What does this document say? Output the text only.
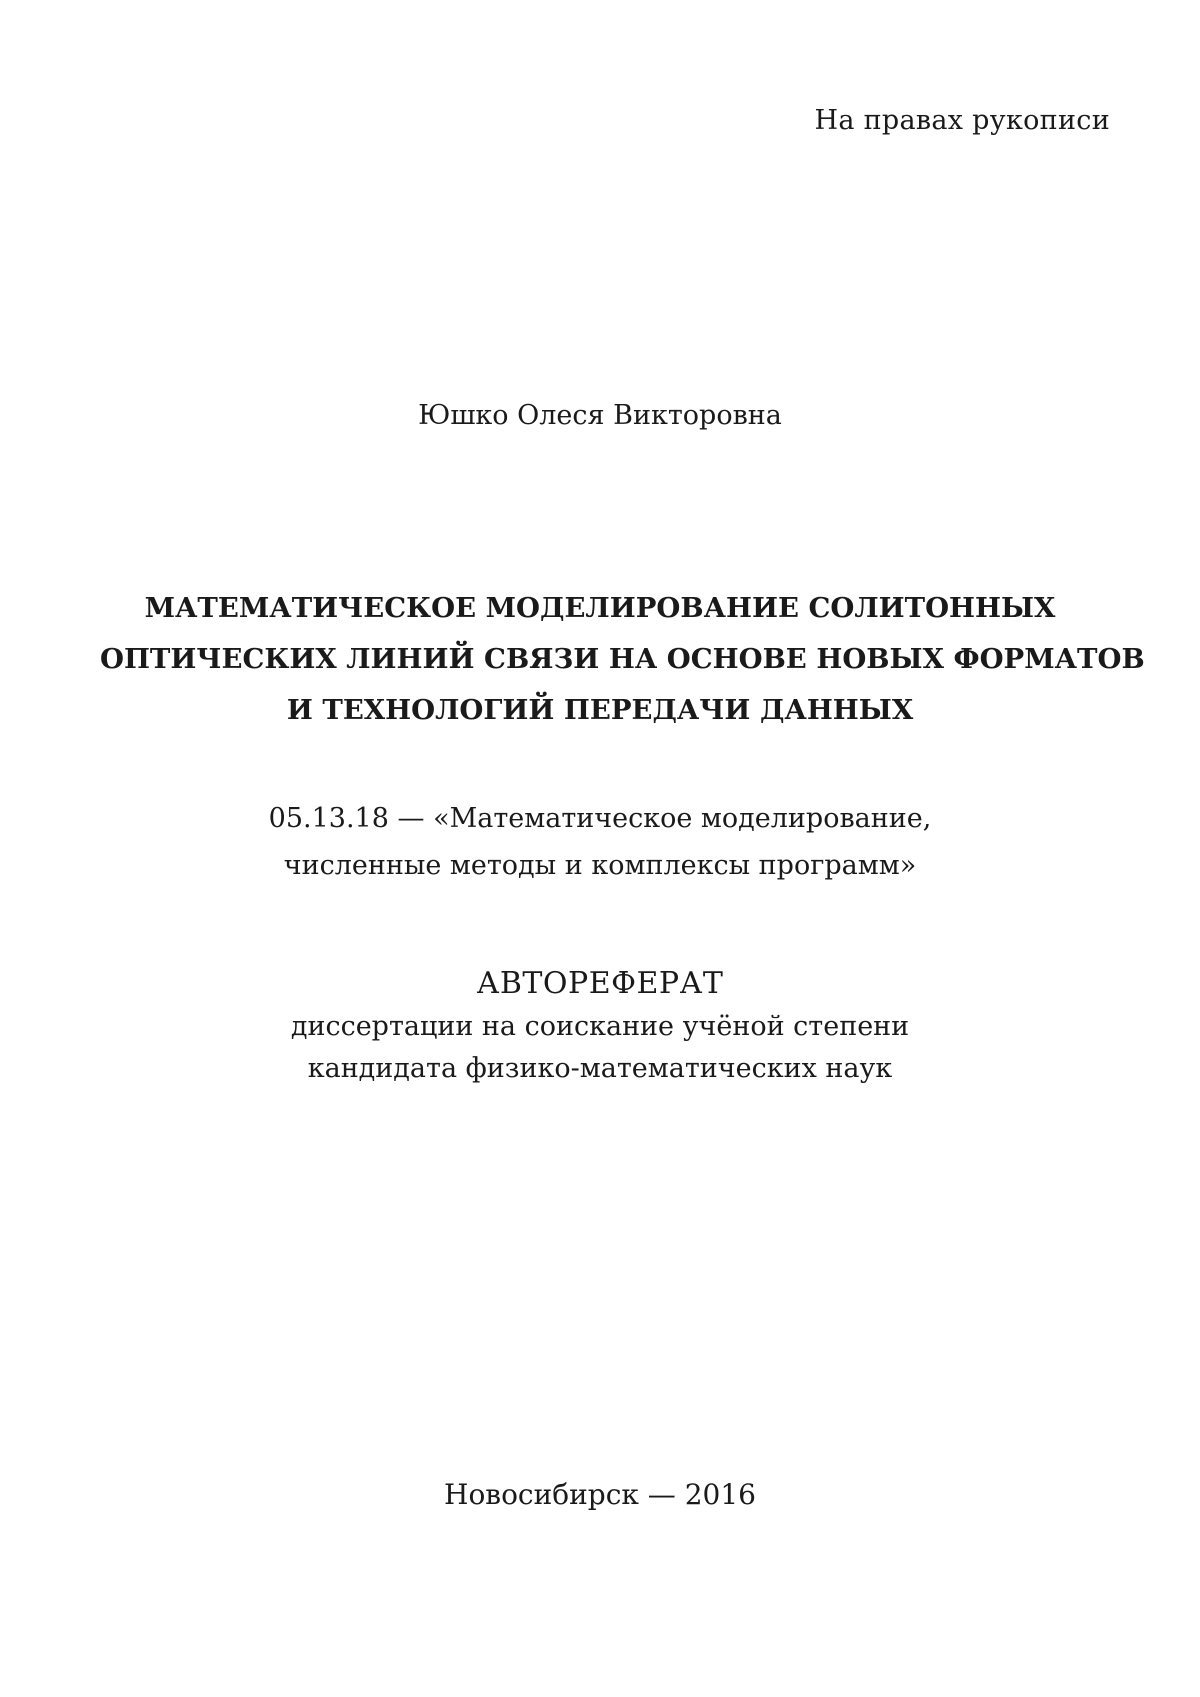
На правах рукописи
Юшко Олеся Викторовна
МАТЕМАТИЧЕСКОЕ МОДЕЛИРОВАНИЕ СОЛИТОННЫХ
ОПТИЧЕСКИХ ЛИНИЙ СВЯЗИ НА ОСНОВЕ НОВЫХ ФОРМАТОВ
И ТЕХНОЛОГИЙ ПЕРЕДАЧИ ДАННЫХ
05.13.18 — «Математическое моделирование,
численные методы и комплексы программ»
АВТОРЕФЕРАТ
диссертации на соискание учёной степени
кандидата физико-математических наук
Новосибирск — 2016
